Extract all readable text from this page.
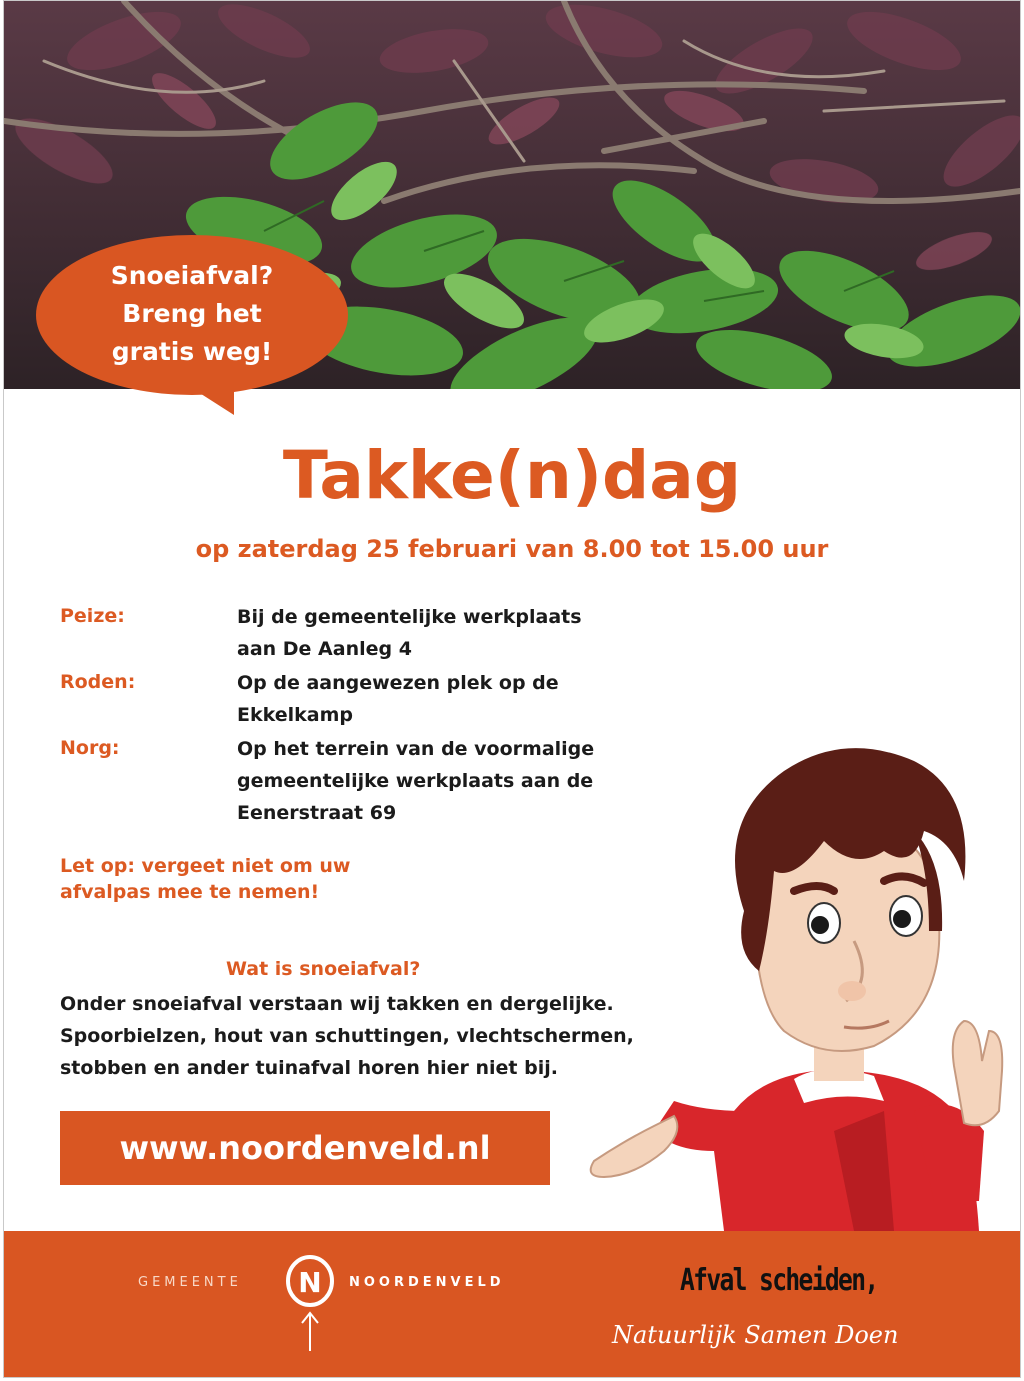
Snoeiafval?
Breng het
gratis weg!
Takke(n)dag
op zaterdag 25 februari van 8.00 tot 15.00 uur
Peize:	Bij de gemeentelijke werkplaats
aan De Aanleg 4
Roden:	Op de aangewezen plek op de
Ekkelkamp
Norg:	Op het terrein van de voormalige
gemeentelijke werkplaats aan de
Eenerstraat 69
Let op: vergeet niet om uw
afvalpas mee te nemen!
Wat is snoeiafval?
Onder snoeiafval verstaan wij takken en dergelijke.
Spoorbielzen, hout van schuttingen, vlechtschermen,
stobben en ander tuinafval horen hier niet bij.
www.noordenveld.nl
GEMEENTE N NOORDENVELD	Afval scheiden,
Natuurlijk Samen Doen
